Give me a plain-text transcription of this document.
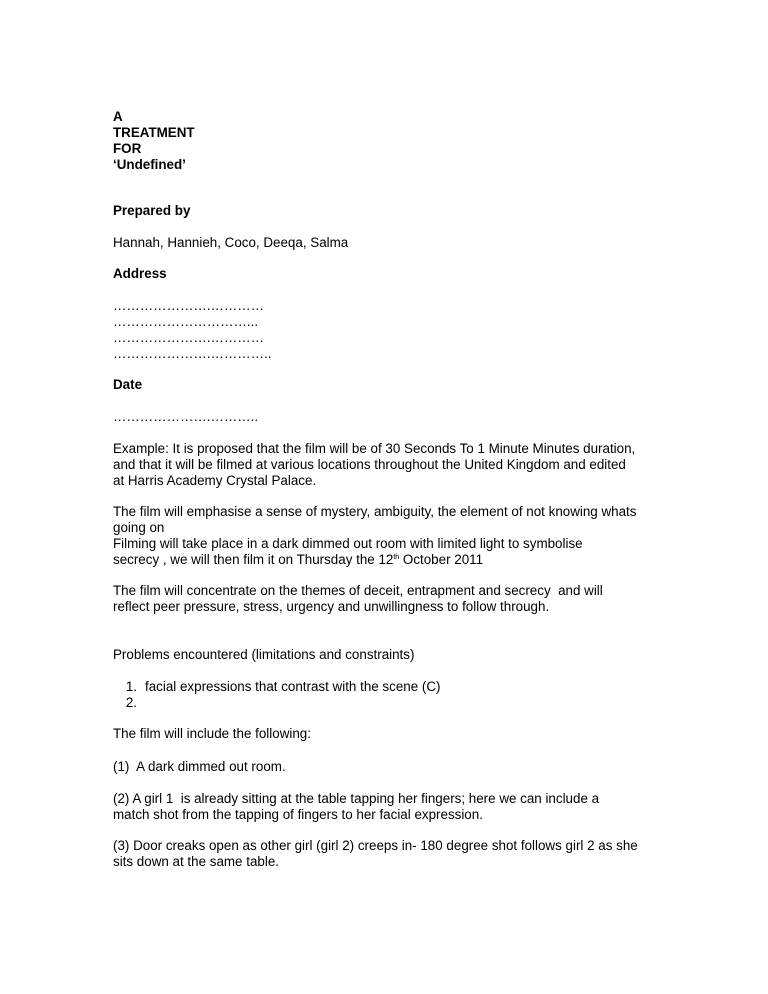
A
TREATMENT
FOR
‘Undefined’

Prepared by

Hannah, Hannieh, Coco, Deeqa, Salma

Address

………………….…………
…………………………...
………………….…………
………………….…………..

Date

………………….………..

Example: It is proposed that the film will be of 30 Seconds To 1 Minute Minutes duration,
and that it will be filmed at various locations throughout the United Kingdom and edited
at Harris Academy Crystal Palace.
The film will emphasise a sense of mystery, ambiguity, the element of not knowing whats
going on
Filming will take place in a dark dimmed out room with limited light to symbolise
secrecy , we will then film it on Thursday the 12th October 2011
The film will concentrate on the themes of deceit, entrapment and secrecy  and will
reflect peer pressure, stress, urgency and unwillingness to follow through.

Problems encountered (limitations and constraints)

1. facial expressions that contrast with the scene (C)
2.

The film will include the following:

(1)  A dark dimmed out room.

(2) A girl 1  is already sitting at the table tapping her fingers; here we can include a
match shot from the tapping of fingers to her facial expression.
(3) Door creaks open as other girl (girl 2) creeps in- 180 degree shot follows girl 2 as she
sits down at the same table.
